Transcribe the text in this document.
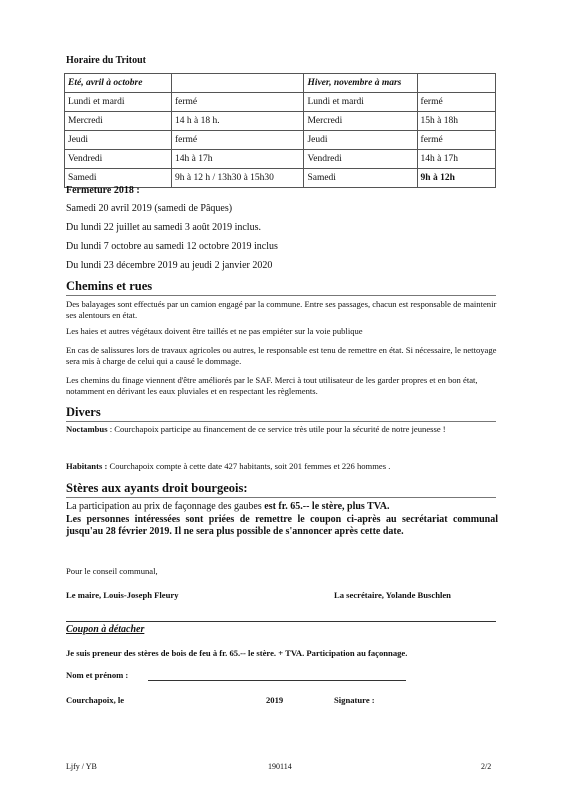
Horaire du Tritout
Eté, avril à octobre		Hiver, novembre à mars	
Lundi et mardi	fermé	Lundi et mardi	fermé
Mercredi	14 h à 18 h.	Mercredi	15h à 18h
Jeudi	fermé	Jeudi	fermé
Vendredi	14h à 17h	Vendredi	14h à 17h
Samedi	9h à 12 h / 13h30 à 15h30	Samedi	9h à 12h
Fermeture 2018 :
Samedi 20 avril 2019 (samedi de Pâques)
Du lundi 22 juillet au samedi 3 août 2019 inclus.
Du lundi 7 octobre au samedi 12 octobre 2019 inclus
Du lundi 23 décembre 2019 au jeudi 2 janvier 2020
Chemins et rues
Des balayages sont effectués par un camion engagé par la commune. Entre ses passages, chacun est responsable de maintenir ses alentours en état.
Les haies et autres végétaux doivent être taillés et ne pas empiéter sur la voie publique
En cas de salissures lors de travaux agricoles ou autres, le responsable est tenu de remettre en état. Si nécessaire, le nettoyage sera mis à charge de celui qui a causé le dommage.
Les chemins du finage viennent d'être améliorés par le SAF. Merci à tout utilisateur de les garder propres et en bon état, notamment en dérivant les eaux pluviales et en respectant les règlements.
Divers
Noctambus : Courchapoix participe au financement de ce service très utile pour la sécurité de notre jeunesse !
Habitants : Courchapoix compte à cette date 427 habitants, soit 201 femmes et 226 hommes .
Stères aux ayants droit bourgeois:
La participation au prix de façonnage des gaubes est fr. 65.-- le stère, plus TVA.
Les personnes intéressées sont priées de remettre le coupon ci-après au secrétariat communal jusqu'au 28 février 2019. Il ne sera plus possible de s'annoncer après cette date.
Pour le conseil communal,
Le maire, Louis-Joseph Fleury	La secrétaire, Yolande Buschlen
Coupon à détacher
Je suis preneur des stères de bois de feu à fr. 65.-- le stère. + TVA. Participation au façonnage.
Nom et prénom :
Courchapoix, le	2019	Signature :
Ljfy / YB	190114	2/2
